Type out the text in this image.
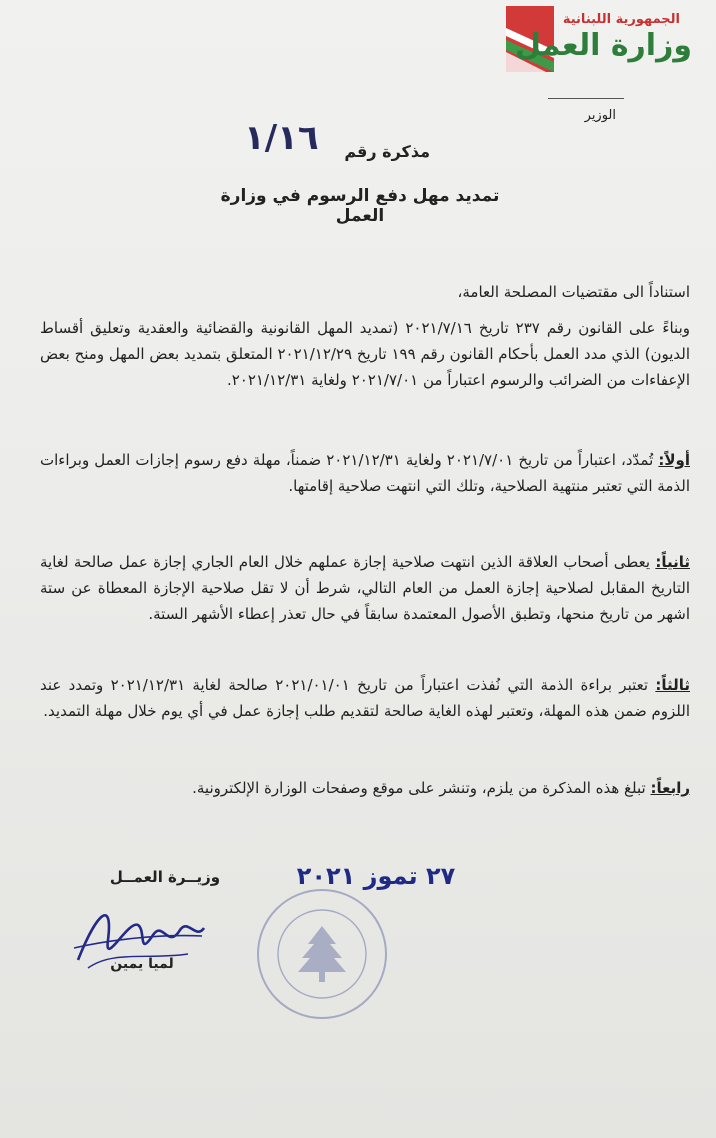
الجمهورية اللبنانية
وزارة العمل
الوزير
مذكرة رقم
١/١٦
تمديد مهل دفع الرسوم في وزارة العمل
استناداً الى مقتضيات المصلحة العامة،
وبناءً على القانون رقم ٢٣٧ تاريخ ٢٠٢١/٧/١٦ (تمديد المهل القانونية والقضائية والعقدية وتعليق أقساط الديون) الذي مدد العمل بأحكام القانون رقم ١٩٩ تاريخ ٢٠٢١/١٢/٢٩ المتعلق بتمديد بعض المهل ومنح بعض الإعفاءات من الضرائب والرسوم اعتباراً من ٢٠٢١/٧/٠١ ولغاية ٢٠٢١/١٢/٣١.
أولاً: تُمدّد، اعتباراً من تاريخ ٢٠٢١/٧/٠١ ولغاية ٢٠٢١/١٢/٣١ ضمناً، مهلة دفع رسوم إجازات العمل وبراءات الذمة التي تعتبر منتهية الصلاحية، وتلك التي انتهت صلاحية إقامتها.
ثانياً: يعطى أصحاب العلاقة الذين انتهت صلاحية إجازة عملهم خلال العام الجاري إجازة عمل صالحة لغاية التاريخ المقابل لصلاحية إجازة العمل من العام التالي، شرط أن لا تقل صلاحية الإجازة المعطاة عن ستة اشهر من تاريخ منحها، وتطبق الأصول المعتمدة سابقاً في حال تعذر إعطاء الأشهر الستة.
ثالثاً: تعتبر براءة الذمة التي نُفذت اعتباراً من تاريخ ٢٠٢١/٠١/٠١ صالحة لغاية ٢٠٢١/١٢/٣١ وتمدد عند اللزوم ضمن هذه المهلة، وتعتبر لهذه الغاية صالحة لتقديم طلب إجازة عمل في أي يوم خلال مهلة التمديد.
رابعاً: تبلغ هذه المذكرة من يلزم، وتنشر على موقع وصفحات الوزارة الإلكترونية.
وزيــرة العمــل
لميا يمين
٢٧ تموز ٢٠٢١
